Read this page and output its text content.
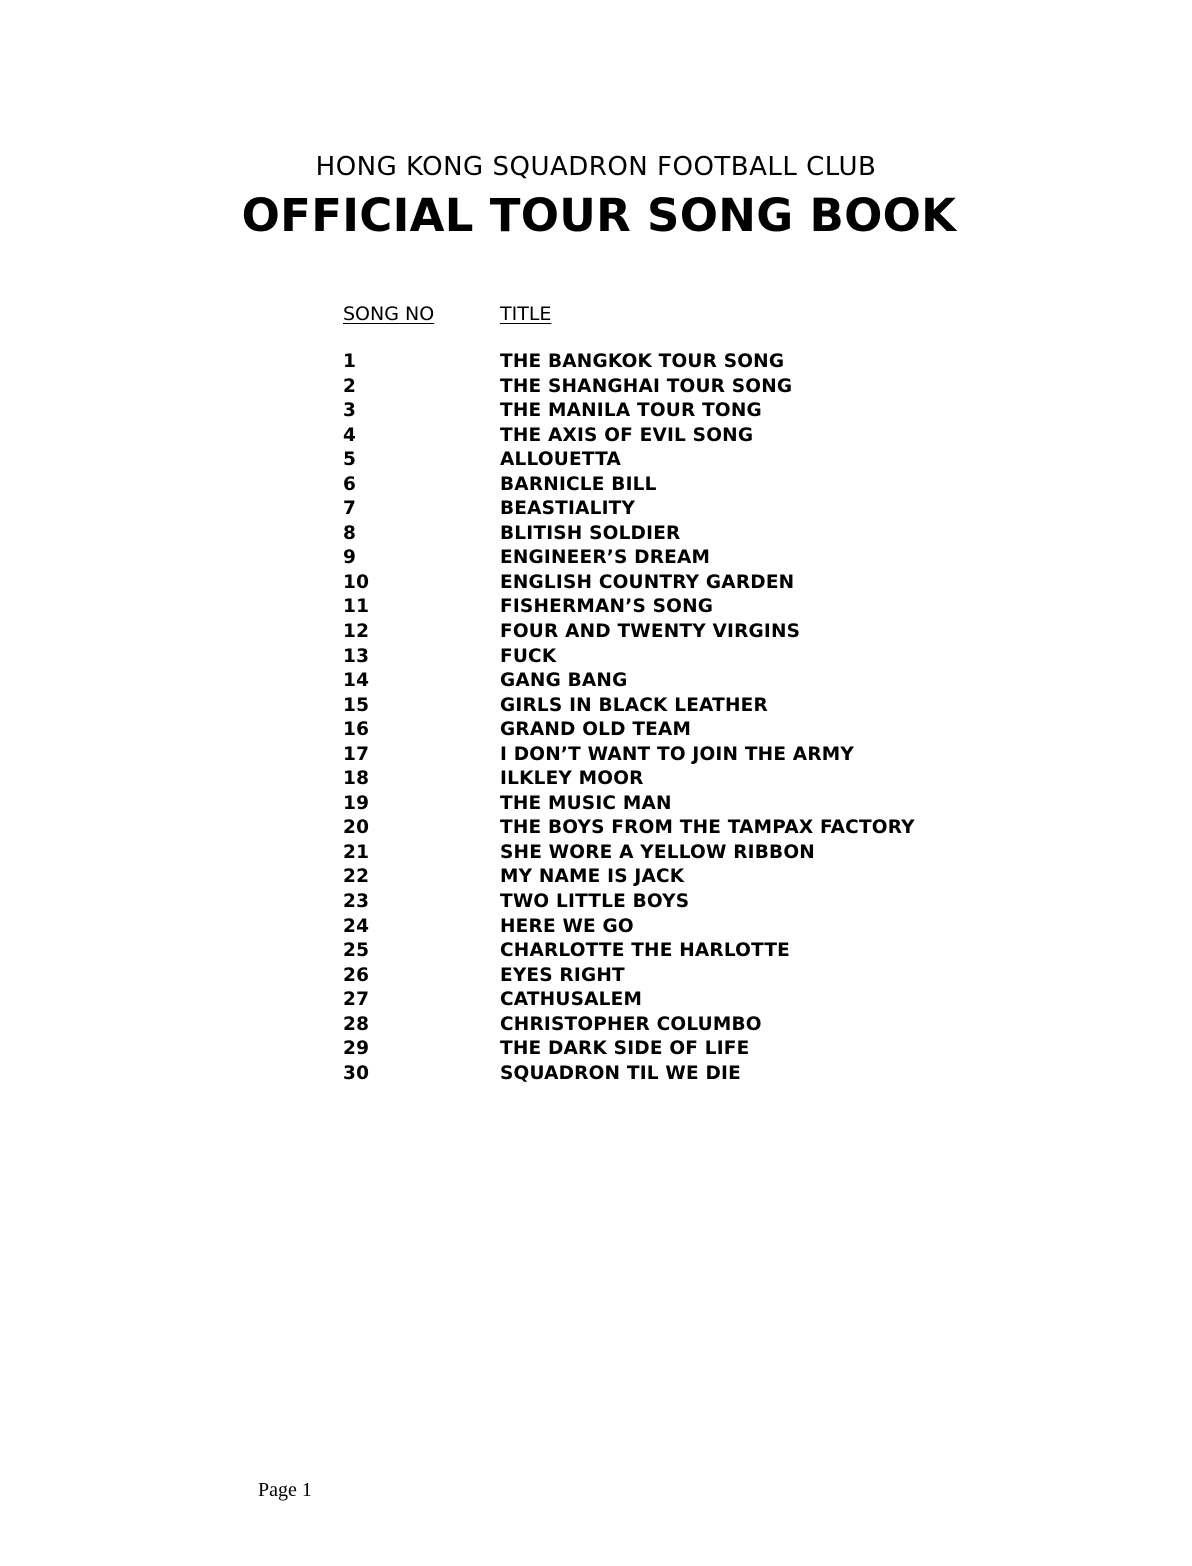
HONG KONG SQUADRON FOOTBALL CLUB
OFFICIAL TOUR SONG BOOK
SONG NO	TITLE
1	THE BANGKOK TOUR SONG
2	THE SHANGHAI TOUR SONG
3	THE MANILA TOUR TONG
4	THE AXIS OF EVIL SONG
5	ALLOUETTA
6	BARNICLE BILL
7	BEASTIALITY
8	BLITISH SOLDIER
9	ENGINEER’S DREAM
10	ENGLISH COUNTRY GARDEN
11	FISHERMAN’S SONG
12	FOUR AND TWENTY VIRGINS
13	FUCK
14	GANG BANG
15	GIRLS IN BLACK LEATHER
16	GRAND OLD TEAM
17	I DON’T WANT TO JOIN THE ARMY
18	ILKLEY MOOR
19	THE MUSIC MAN
20	THE BOYS FROM THE TAMPAX FACTORY
21	SHE WORE A YELLOW RIBBON
22	MY NAME IS JACK
23	TWO LITTLE BOYS
24	HERE WE GO
25	CHARLOTTE THE HARLOTTE
26	EYES RIGHT
27	CATHUSALEM
28	CHRISTOPHER COLUMBO
29	THE DARK SIDE OF LIFE
30	SQUADRON TIL WE DIE
Page 1
